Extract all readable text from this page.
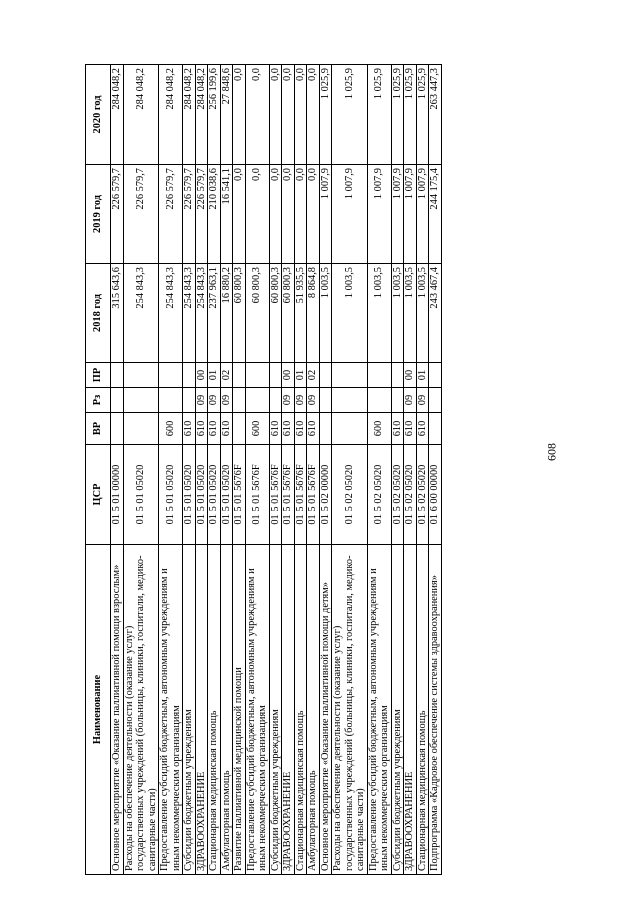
608
Наименование	ЦСР	ВР	Рз	ПР	2018 год	2019 год	2020 год
Основное мероприятие «Оказание паллиативной помощи взрослым»	01 5 01 00000				315 643,6	226 579,7	284 048,2
Расходы на обеспечение деятельности (оказание услуг) государственных учреждений (больницы, клиники, госпитали, медико-санитарные части)	01 5 01 05020				254 843,3	226 579,7	284 048,2
Предоставление субсидий бюджетным, автономным учреждениям и иным некоммерческим организациям	01 5 01 05020	600			254 843,3	226 579,7	284 048,2
Субсидии бюджетным учреждениям	01 5 01 05020	610			254 843,3	226 579,7	284 048,2
ЗДРАВООХРАНЕНИЕ	01 5 01 05020	610	09	00	254 843,3	226 579,7	284 048,2
Стационарная медицинская помощь	01 5 01 05020	610	09	01	237 963,1	210 038,6	256 199,6
Амбулаторная помощь	01 5 01 05020	610	09	02	16 880,2	16 541,1	27 848,6
Развитие паллиативной медицинской помощи	01 5 01 5676F				60 800,3	0,0	0,0
Предоставление субсидий бюджетным, автономным учреждениям и иным некоммерческим организациям	01 5 01 5676F	600			60 800,3	0,0	0,0
Субсидии бюджетным учреждениям	01 5 01 5676F	610			60 800,3	0,0	0,0
ЗДРАВООХРАНЕНИЕ	01 5 01 5676F	610	09	00	60 800,3	0,0	0,0
Стационарная медицинская помощь	01 5 01 5676F	610	09	01	51 935,5	0,0	0,0
Амбулаторная помощь	01 5 01 5676F	610	09	02	8 864,8	0,0	0,0
Основное мероприятие «Оказание паллиативной помощи детям»	01 5 02 00000				1 003,5	1 007,9	1 025,9
Расходы на обеспечение деятельности (оказание услуг) государственных учреждений (больницы, клиники, госпитали, медико-санитарные части)	01 5 02 05020				1 003,5	1 007,9	1 025,9
Предоставление субсидий бюджетным, автономным учреждениям и иным некоммерческим организациям	01 5 02 05020	600			1 003,5	1 007,9	1 025,9
Субсидии бюджетным учреждениям	01 5 02 05020	610			1 003,5	1 007,9	1 025,9
ЗДРАВООХРАНЕНИЕ	01 5 02 05020	610	09	00	1 003,5	1 007,9	1 025,9
Стационарная медицинская помощь	01 5 02 05020	610	09	01	1 003,5	1 007,9	1 025,9
Подпрограмма «Кадровое обеспечение системы здравоохранения»	01 6 00 00000				243 467,4	244 175,4	263 447,3
